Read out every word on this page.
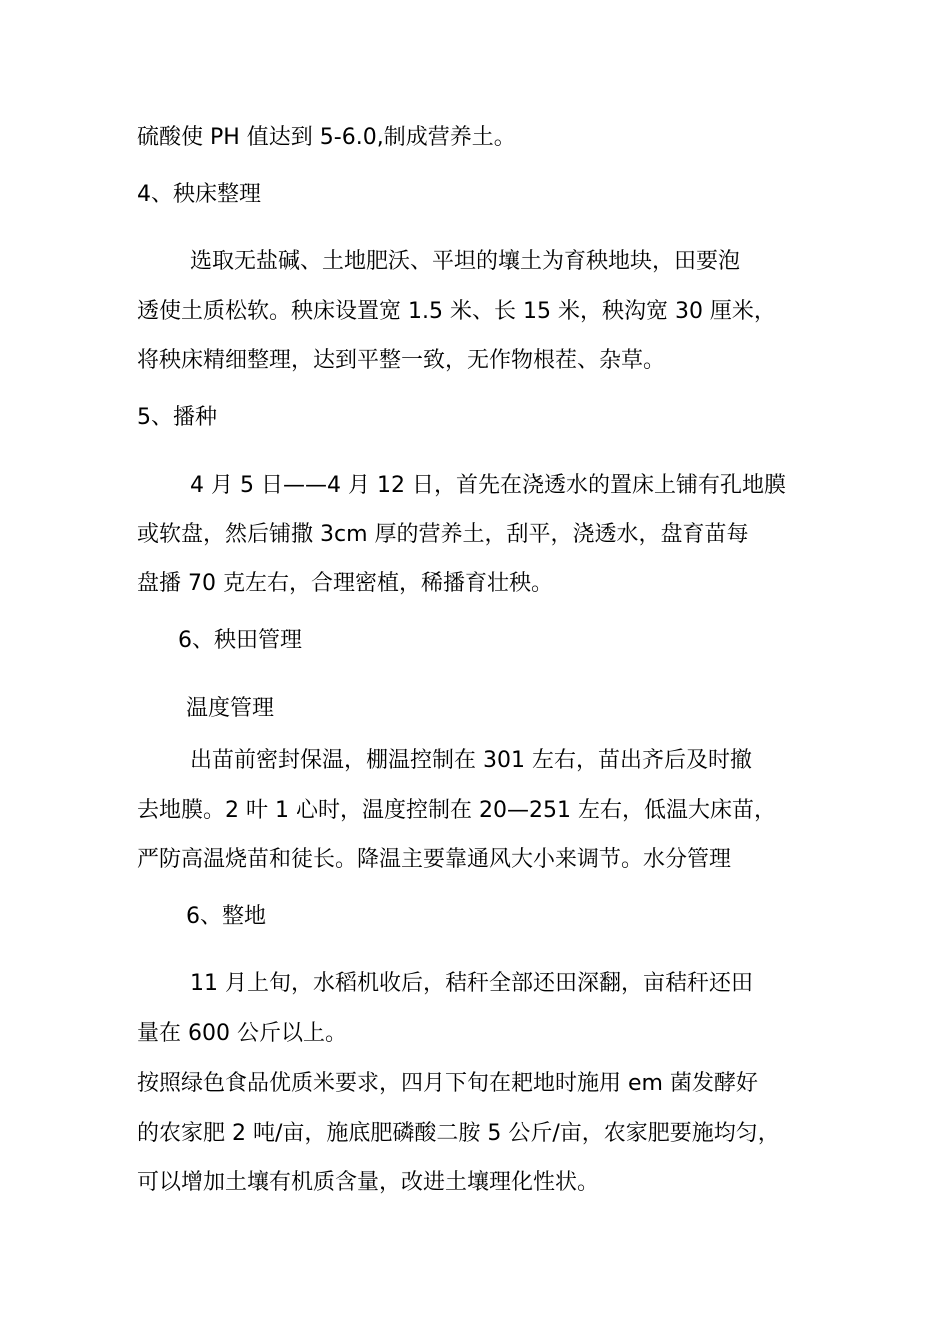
硫酸使 PH 值达到 5-6.0,制成营养土。
4、秧床整理
选取无盐碱、土地肥沃、平坦的壤土为育秧地块，田要泡
透使土质松软。秧床设置宽 1.5 米、长 15 米，秧沟宽 30 厘米，
将秧床精细整理，达到平整一致，无作物根茬、杂草。
5、播种
4 月 5 日——4 月 12 日，首先在浇透水的置床上铺有孔地膜
或软盘，然后铺撒 3cm 厚的营养土，刮平，浇透水，盘育苗每
盘播 70 克左右，合理密植，稀播育壮秧。
6、秧田管理
温度管理
出苗前密封保温，棚温控制在 301 左右，苗出齐后及时撤
去地膜。2 叶 1 心时，温度控制在 20—251 左右，低温大床苗，
严防高温烧苗和徒长。降温主要靠通风大小来调节。水分管理
6、整地
11 月上旬，水稻机收后，秸秆全部还田深翻，亩秸秆还田
量在 600 公斤以上。
按照绿色食品优质米要求，四月下旬在耙地时施用 em 菌发酵好
的农家肥 2 吨/亩，施底肥磷酸二胺 5 公斤/亩，农家肥要施均匀，
可以增加土壤有机质含量，改进土壤理化性状。
